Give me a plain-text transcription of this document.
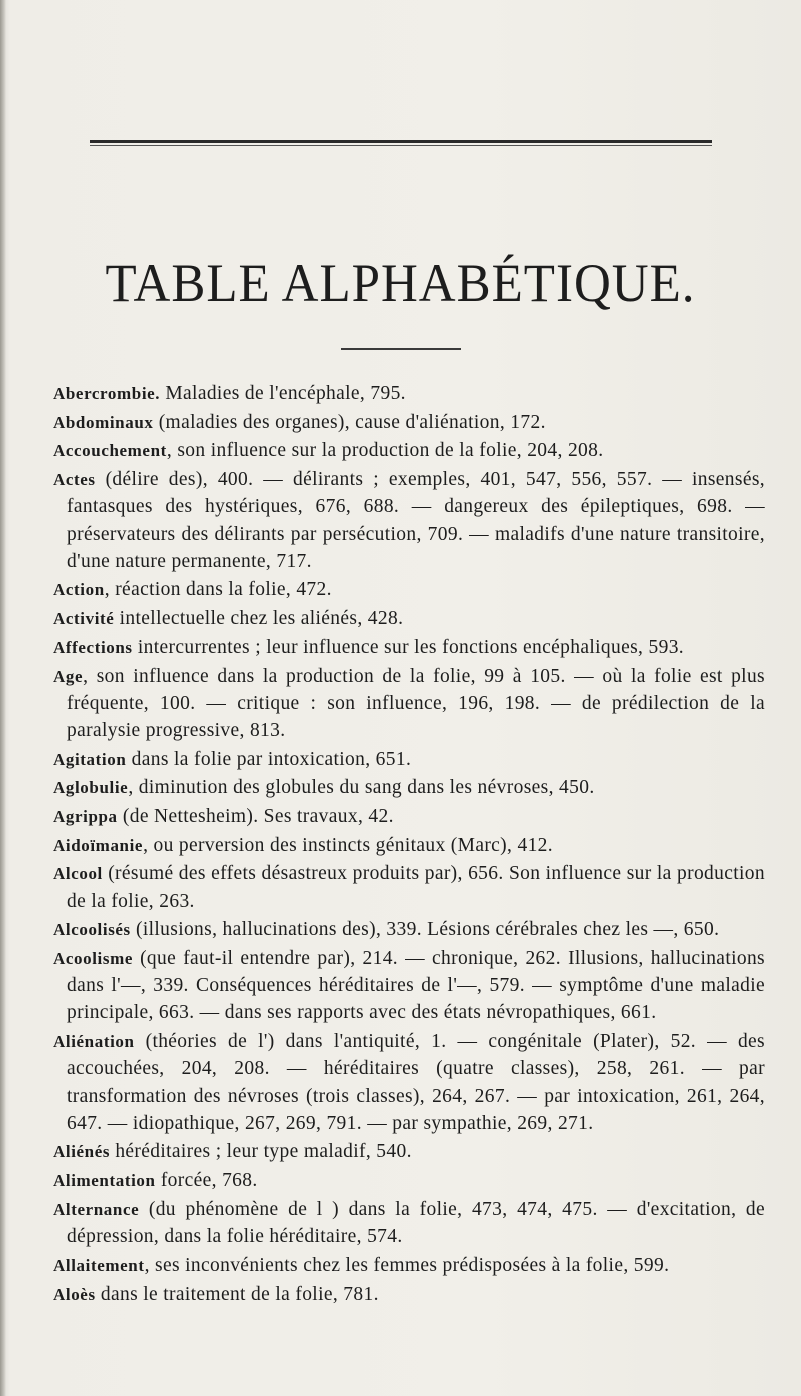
TABLE ALPHABÉTIQUE.

Abercrombie. Maladies de l'encéphale, 795.

Abdominaux (maladies des organes), cause d'aliénation, 172.

Accouchement, son influence sur la production de la folie, 204, 208.

Actes (délire des), 400. — délirants ; exemples, 401, 547, 556, 557. — insensés, fantasques des hystériques, 676, 688. — dangereux des épileptiques, 698. — préservateurs des délirants par persécution, 709. — maladifs d'une nature transitoire, d'une nature permanente, 717.

Action, réaction dans la folie, 472.

Activité intellectuelle chez les aliénés, 428.

Affections intercurrentes ; leur influence sur les fonctions encéphaliques, 593.

Age, son influence dans la production de la folie, 99 à 105. — où la folie est plus fréquente, 100. — critique : son influence, 196, 198. — de prédilection de la paralysie progressive, 813.

Agitation dans la folie par intoxication, 651.

Aglobulie, diminution des globules du sang dans les névroses, 450.

Agrippa (de Nettesheim). Ses travaux, 42.

Aidoïmanie, ou perversion des instincts génitaux (Marc), 412.

Alcool (résumé des effets désastreux produits par), 656. Son influence sur la production de la folie, 263.

Alcoolisés (illusions, hallucinations des), 339. Lésions cérébrales chez les —, 650.

Acoolisme (que faut-il entendre par), 214. — chronique, 262. Illusions, hallucinations dans l'—, 339. Conséquences héréditaires de l'—, 579. — symptôme d'une maladie principale, 663. — dans ses rapports avec des états névropathiques, 661.

Aliénation (théories de l') dans l'antiquité, 1. — congénitale (Plater), 52. — des accouchées, 204, 208. — héréditaires (quatre classes), 258, 261. — par transformation des névroses (trois classes), 264, 267. — par intoxication, 261, 264, 647. — idiopathique, 267, 269, 791. — par sympathie, 269, 271.

Aliénés héréditaires ; leur type maladif, 540.

Alimentation forcée, 768.

Alternance (du phénomène de l ) dans la folie, 473, 474, 475. — d'excitation, de dépression, dans la folie héréditaire, 574.

Allaitement, ses inconvénients chez les femmes prédisposées à la folie, 599.

Aloès dans le traitement de la folie, 781.
